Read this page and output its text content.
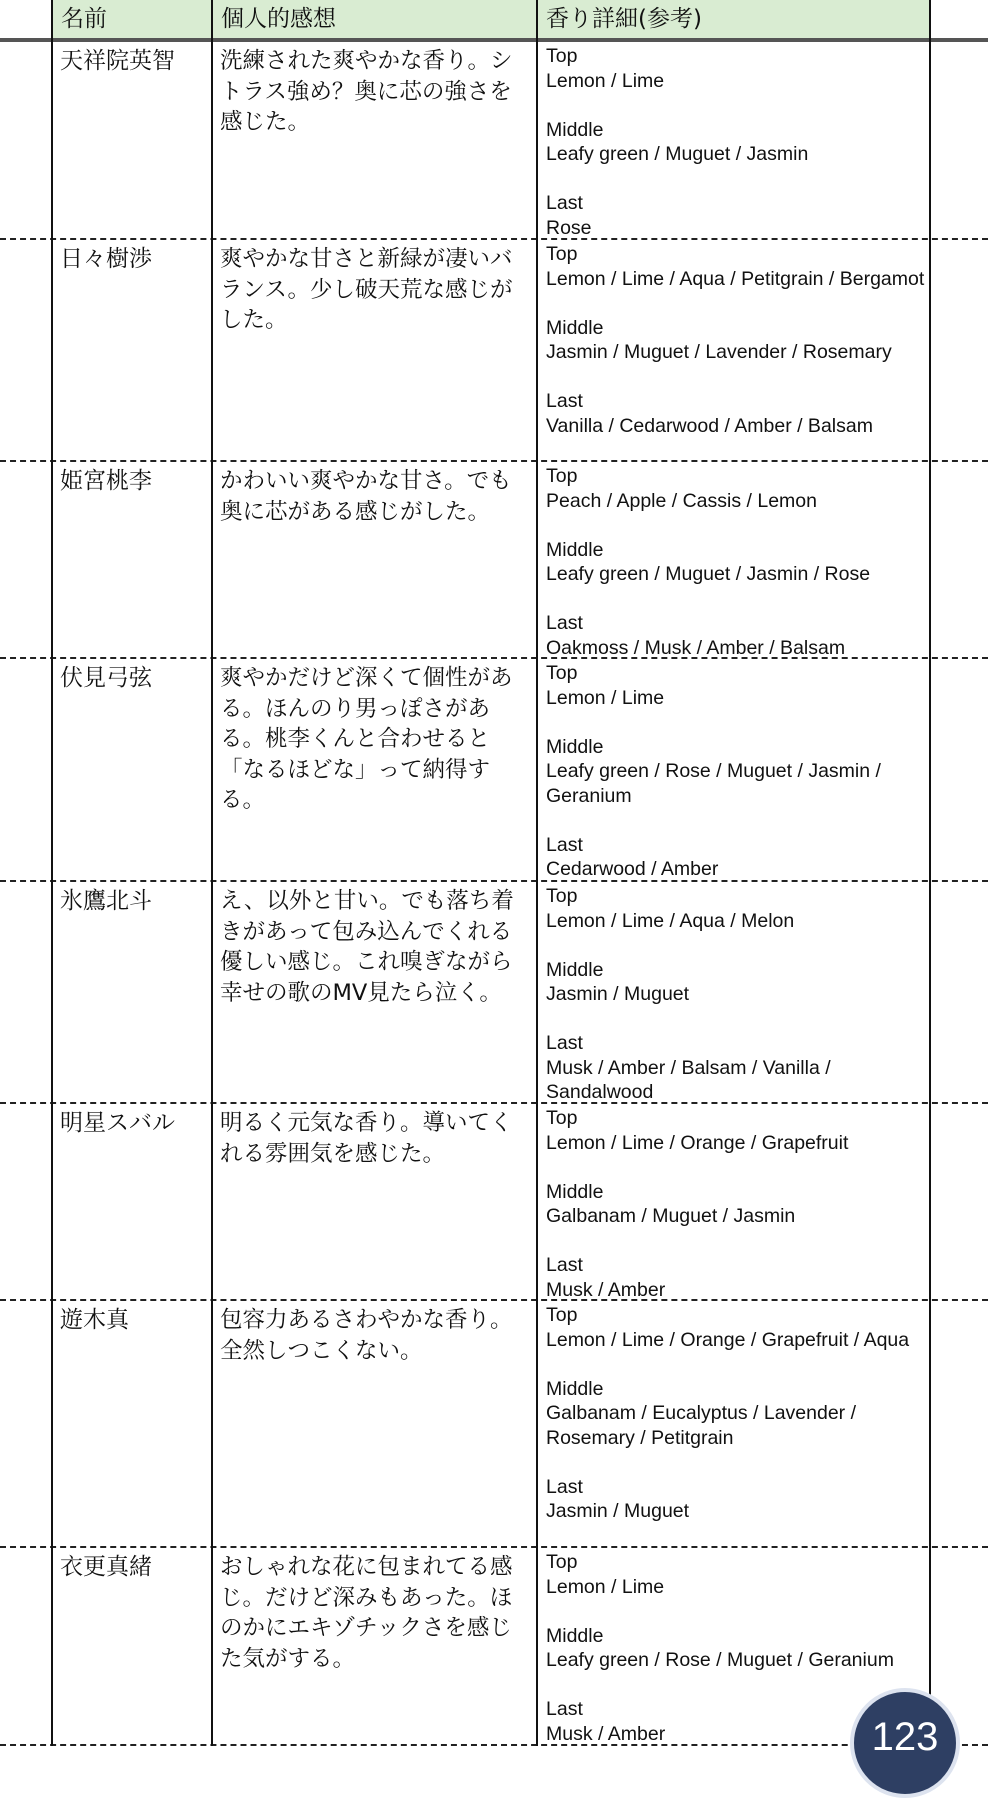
名前	個人的感想	香り詳細(参考)
天祥院英智	洗練された爽やかな香り。シトラス強め？奥に芯の強さを感じた。
Top
Lemon / Lime
Middle
Leafy green / Muguet / Jasmin
Last
Rose
日々樹渉	爽やかな甘さと新緑が凄いバランス。少し破天荒な感じがした。
Top
Lemon / Lime / Aqua / Petitgrain / Bergamot
Middle
Jasmin / Muguet / Lavender / Rosemary
Last
Vanilla / Cedarwood / Amber / Balsam
姫宮桃李	かわいい爽やかな甘さ。でも奥に芯がある感じがした。
Top
Peach / Apple / Cassis / Lemon
Middle
Leafy green / Muguet / Jasmin / Rose
Last
Oakmoss / Musk / Amber / Balsam
伏見弓弦	爽やかだけど深くて個性がある。ほんのり男っぽさがある。桃李くんと合わせると「なるほどな」って納得する。
Top
Lemon / Lime
Middle
Leafy green / Rose / Muguet / Jasmin / Geranium
Last
Cedarwood / Amber
氷鷹北斗	え、以外と甘い。でも落ち着きがあって包み込んでくれる優しい感じ。これ嗅ぎながら幸せの歌のMV見たら泣く。
Top
Lemon / Lime / Aqua / Melon
Middle
Jasmin / Muguet
Last
Musk / Amber / Balsam / Vanilla / Sandalwood
明星スバル	明るく元気な香り。導いてくれる雰囲気を感じた。
Top
Lemon / Lime / Orange / Grapefruit
Middle
Galbanam / Muguet / Jasmin
Last
Musk / Amber
遊木真	包容力あるさわやかな香り。全然しつこくない。
Top
Lemon / Lime / Orange / Grapefruit / Aqua
Middle
Galbanam / Eucalyptus / Lavender / Rosemary / Petitgrain
Last
Jasmin / Muguet
衣更真緒	おしゃれな花に包まれてる感じ。だけど深みもあった。ほのかにエキゾチックさを感じた気がする。
Top
Lemon / Lime
Middle
Leafy green / Rose / Muguet / Geranium
Last
Musk / Amber	123
